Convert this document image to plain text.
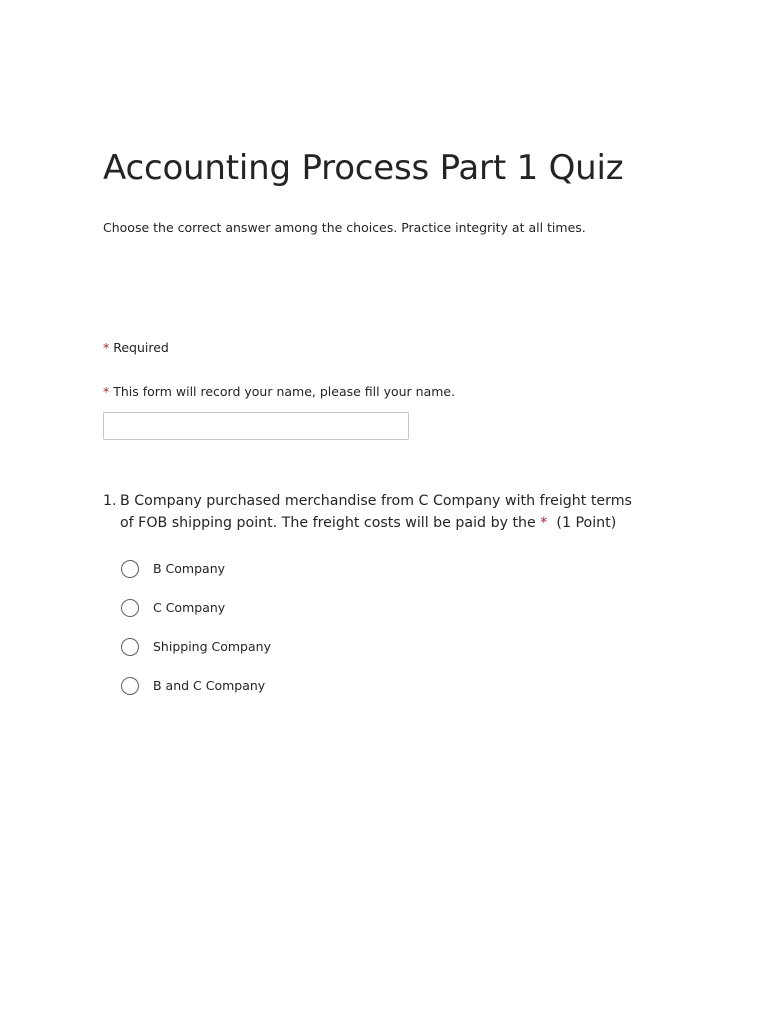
Accounting Process Part 1 Quiz
Choose the correct answer among the choices. Practice integrity at all times.
* Required
* This form will record your name, please fill your name.
1. B Company purchased merchandise from C Company with freight terms of FOB shipping point. The freight costs will be paid by the * (1 Point)
B Company
C Company
Shipping Company
B and C Company
